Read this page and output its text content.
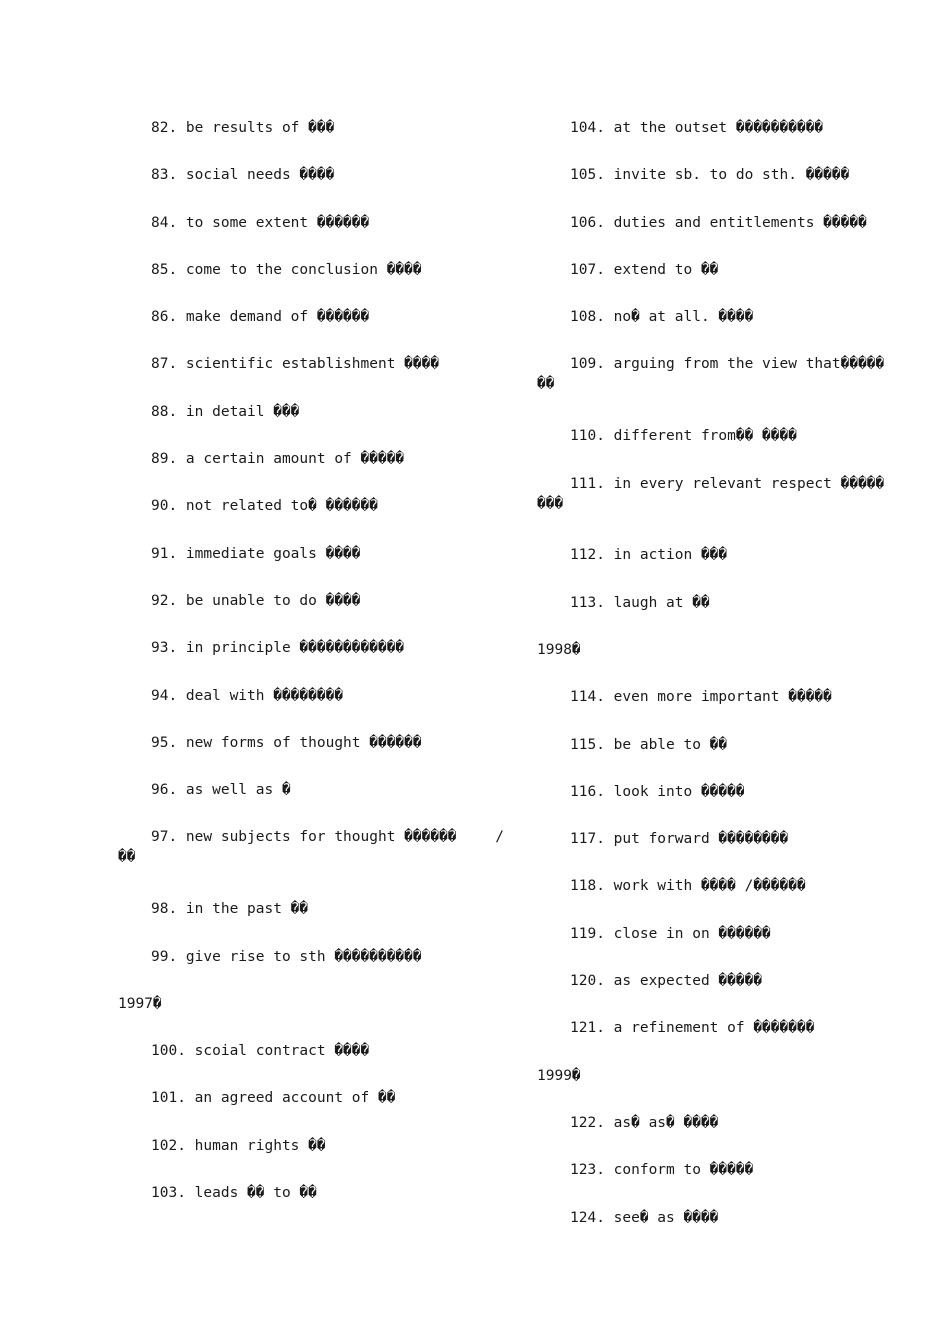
82. be results of ���
83. social needs ����
84. to some extent ������
85. come to the conclusion ����
86. make demand of ������
87. scientific establishment ����
88. in detail ���
89. a certain amount of �����
90. not related to� ������
91. immediate goals ����
92. be unable to do ����
93. in principle ������������
94. deal with ��������
95. new forms of thought ������
96. as well as �
97. new subjects for thought ������	/
��
98. in the past ��
99. give rise to sth ����������
1997�
100. scoial contract ����
101. an agreed account of ��
102. human rights ��
103. leads �� to ��
104. at the outset ����������
105. invite sb. to do sth. �����
106. duties and entitlements �����
107. extend to ��
108. no� at all. ����
109. arguing from the view that�����
��
110. different from�� ����
111. in every relevant respect �����
���
112. in action ���
113. laugh at ��
1998�
114. even more important �����
115. be able to ��
116. look into �����
117. put forward ��������
118. work with ���� /������
119. close in on ������
120. as expected �����
121. a refinement of �������
1999�
122. as� as� ����
123. conform to �����
124. see� as ����
